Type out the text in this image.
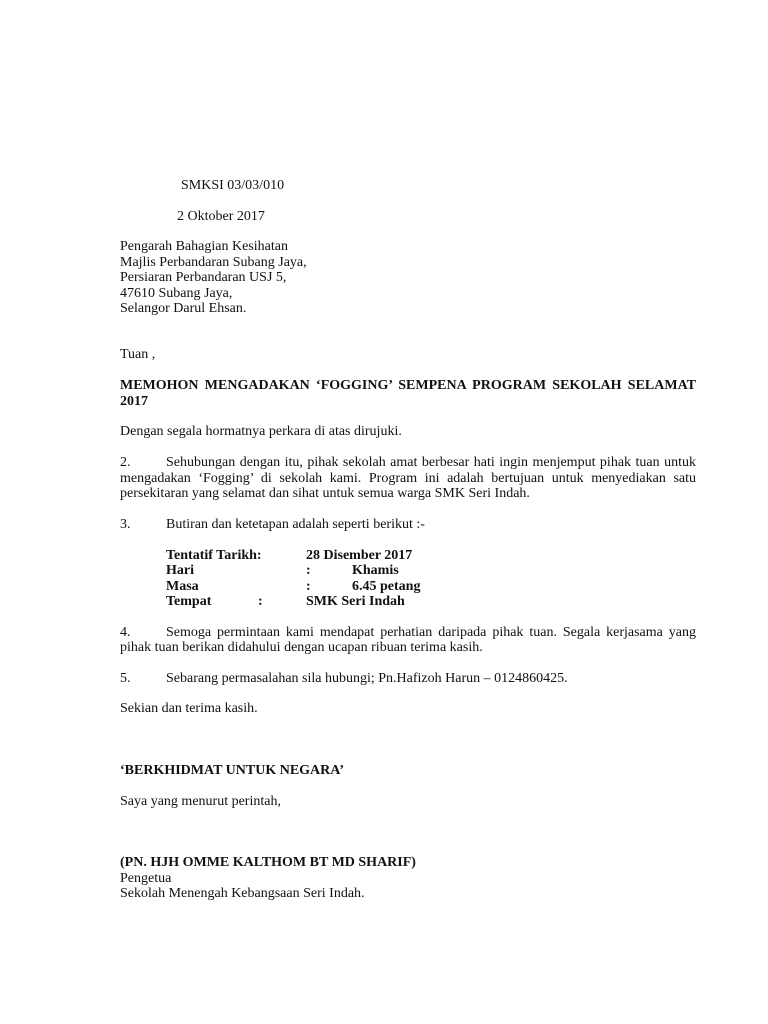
SMKSI 03/03/010
2 Oktober 2017
Pengarah Bahagian Kesihatan
Majlis Perbandaran Subang Jaya,
Persiaran Perbandaran USJ 5,
47610 Subang Jaya,
Selangor Darul Ehsan.
Tuan ,
MEMOHON MENGADAKAN ‘FOGGING’ SEMPENA PROGRAM SEKOLAH SELAMAT
2017
Dengan segala hormatnya perkara di atas dirujuki.
2.	Sehubungan dengan itu, pihak sekolah amat berbesar hati ingin menjemput pihak tuan untuk
mengadakan ‘Fogging’ di sekolah kami. Program ini adalah bertujuan untuk menyediakan satu
persekitaran yang selamat dan sihat untuk semua warga SMK Seri Indah.
3.	Butiran dan ketetapan adalah seperti berikut :-
Tentatif Tarikh:	28 Disember 2017
Hari	:	Khamis
Masa	:	6.45 petang
Tempat	:	SMK Seri Indah
4.	Semoga permintaan kami mendapat perhatian daripada pihak tuan. Segala kerjasama yang
pihak tuan berikan didahului dengan ucapan ribuan terima kasih.
5.	Sebarang permasalahan sila hubungi; Pn.Hafizoh Harun – 0124860425.
Sekian dan terima kasih.
‘BERKHIDMAT UNTUK NEGARA’
Saya yang menurut perintah,
(PN. HJH OMME KALTHOM BT MD SHARIF)
Pengetua
Sekolah Menengah Kebangsaan Seri Indah.
